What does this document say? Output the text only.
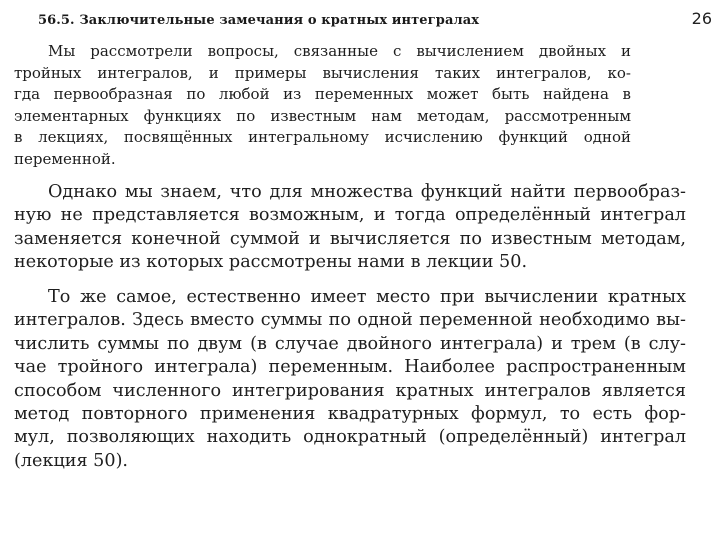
56.5. Заключительные замечания о кратных интегралах	26
Мы рассмотрели вопросы, связанные с вычислением двойных и
тройных интегралов, и примеры вычисления таких интегралов, ко-
гда первообразная по любой из переменных может быть найдена в
элементарных функциях по известным нам методам, рассмотренным
в лекциях, посвящённых интегральному исчислению функций одной
переменной.
Однако мы знаем, что для множества функций найти первообраз-
ную не представляется возможным, и тогда определённый интеграл
заменяется конечной суммой и вычисляется по известным методам,
некоторые из которых рассмотрены нами в лекции 50.
То же самое, естественно имеет место при вычислении кратных
интегралов. Здесь вместо суммы по одной переменной необходимо вы-
числить суммы по двум (в случае двойного интеграла) и трем (в слу-
чае тройного интеграла) переменным. Наиболее распространенным
способом численного интегрирования кратных интегралов является
метод повторного применения квадратурных формул, то есть фор-
мул, позволяющих находить однократный (определённый) интеграл
(лекция 50).
